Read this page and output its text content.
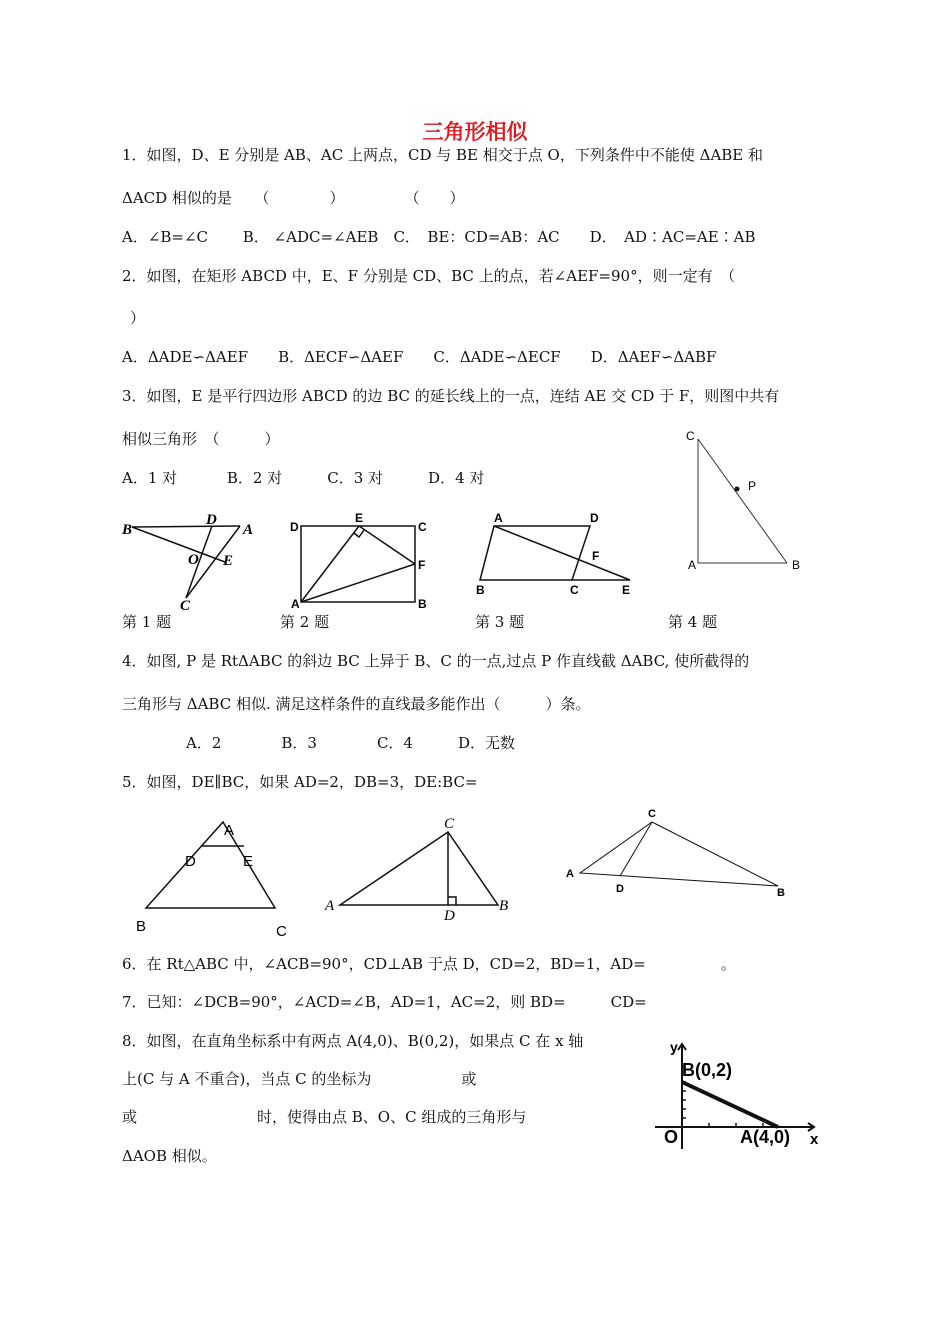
三角形相似
1．如图，D、E 分别是 AB、AC 上两点，CD 与 BE 相交于点 O，下列条件中不能使 ΔABE 和
ΔACD 相似的是　　（　　　　）　　　　　（　　）
A．∠B=∠C　　 B． ∠ADC=∠AEB　C．　BE：CD=AB：AC　　D．　AD∶AC=AE∶AB
2．如图，在矩形 ABCD 中，E、F 分别是 CD、BC 上的点，若∠AEF=90°，则一定有　（
）
A．ΔADE∽ΔAEF　　B．ΔECF∽ΔAEF　　C．ΔADE∽ΔECF　　D．ΔAEF∽ΔABF
3．如图，E 是平行四边形 ABCD 的边 BC 的延长线上的一点，连结 AE 交 CD 于 F，则图中共有
相似三角形　（　　　）
A．1 对　　　 B．2 对　　　C．3 对　　　D．4 对
B
D
A
O E
C
D
E
C
F
A	B
A	D
F
B	C	E
C
P
A	B
第 1 题	第 2 题	第 3 题	第 4 题
4．如图, P 是 RtΔABC 的斜边 BC 上异于 B、C 的一点,过点 P 作直线截 ΔABC, 使所截得的
三角形与 ΔABC 相似. 满足这样条件的直线最多能作出（　　　）条。
A．2　　　　B．3　　　　C．4　　　D．无数
5．如图，DE∥BC，如果 AD=2，DB=3，DE:BC=
A
D	E
B	C
C
A
D
B
C
A
D	B
6．在 Rt△ABC 中，∠ACB=90°，CD⊥AB 于点 D，CD=2，BD=1，AD=　　　　　。
7．已知：∠DCB=90°，∠ACD=∠B，AD=1，AC=2，则 BD=　　　CD=
8．如图，在直角坐标系中有两点 A(4,0)、B(0,2)，如果点 C 在 x 轴
上(C 与 A 不重合)，当点 C 的坐标为　　　　　　或
或　　　　　　　　时，使得由点 B、O、C 组成的三角形与
ΔAOB 相似。
y
B(0,2)
O	A(4,0) x
